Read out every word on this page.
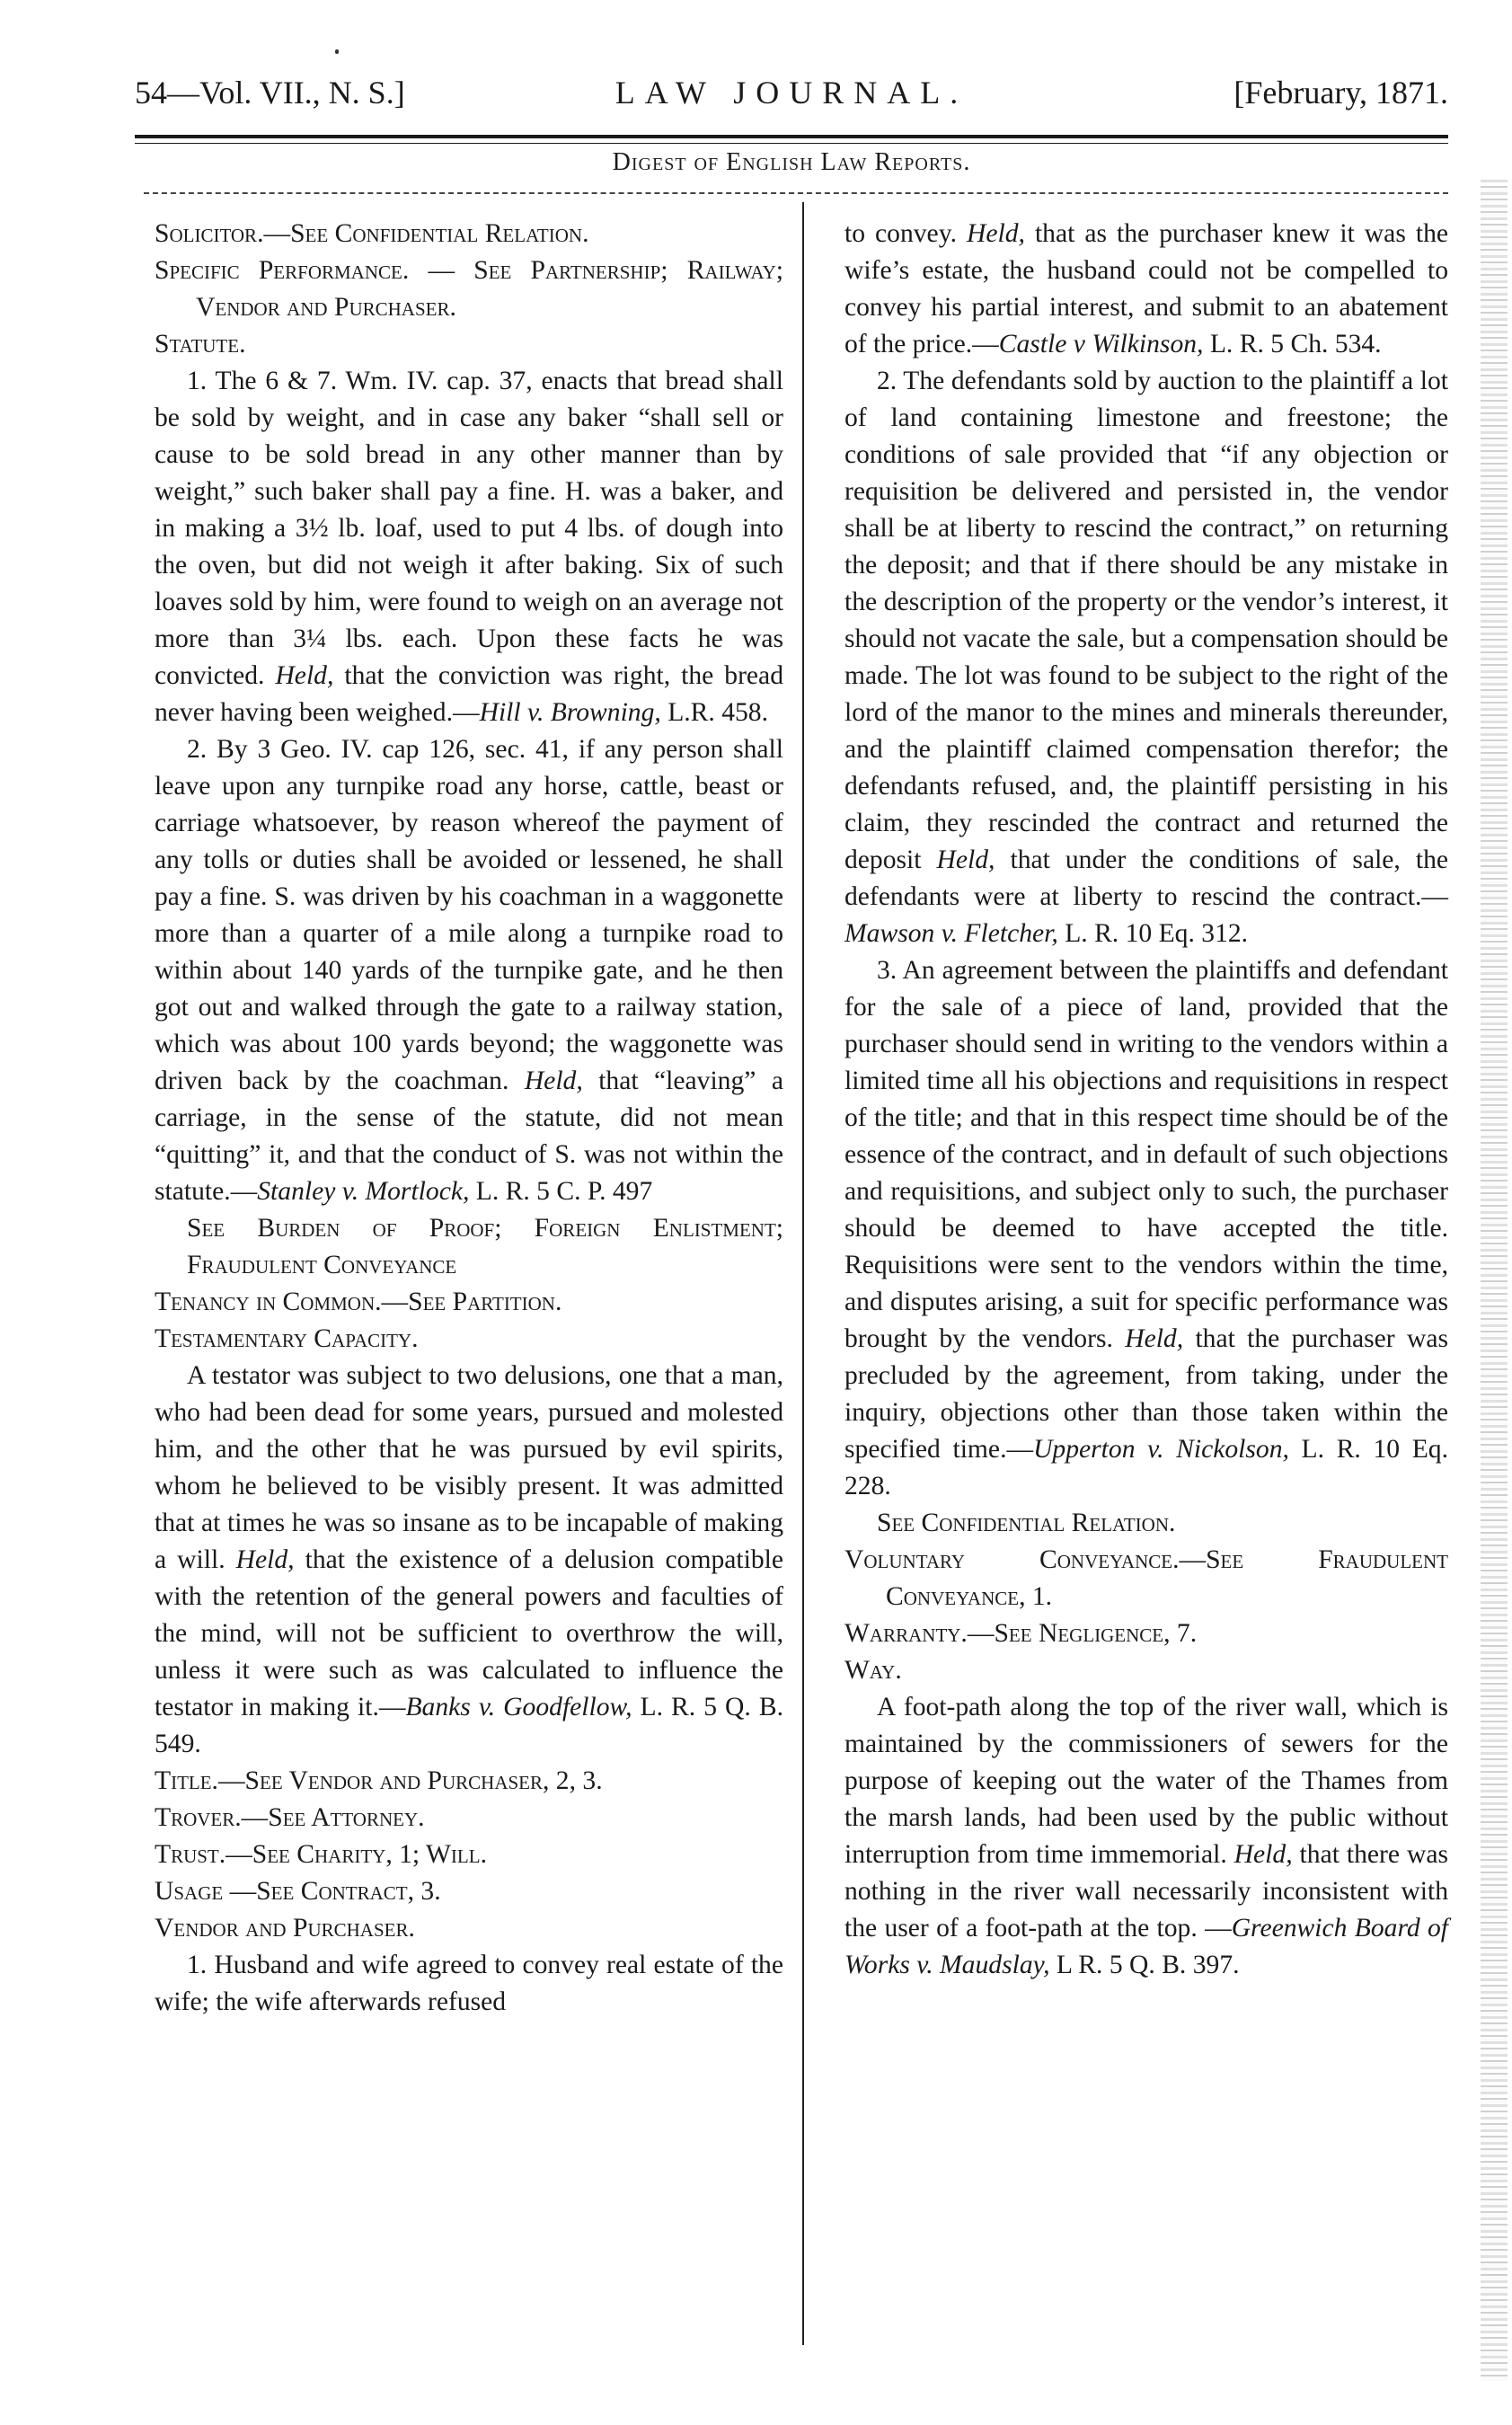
54—Vol. VII., N. S.]	LAW JOURNAL.	[February, 1871.
Digest of English Law Reports.

Solicitor.—See Confidential Relation.

Specific Performance. — See Partnership; Railway; Vendor and Purchaser.

Statute.

1. The 6 & 7. Wm. IV. cap. 37, enacts that bread shall be sold by weight, and in case any baker “shall sell or cause to be sold bread in any other manner than by weight,” such baker shall pay a fine. H. was a baker, and in making a 3½ lb. loaf, used to put 4 lbs. of dough into the oven, but did not weigh it after baking. Six of such loaves sold by him, were found to weigh on an average not more than 3¼ lbs. each. Upon these facts he was convicted. Held, that the conviction was right, the bread never having been weighed.—Hill v. Browning, L.R. 458.

2. By 3 Geo. IV. cap 126, sec. 41, if any person shall leave upon any turnpike road any horse, cattle, beast or carriage whatsoever, by reason whereof the payment of any tolls or duties shall be avoided or lessened, he shall pay a fine. S. was driven by his coachman in a waggonette more than a quarter of a mile along a turnpike road to within about 140 yards of the turnpike gate, and he then got out and walked through the gate to a railway station, which was about 100 yards beyond; the waggonette was driven back by the coachman. Held, that “leaving” a carriage, in the sense of the statute, did not mean “quitting” it, and that the conduct of S. was not within the statute.—Stanley v. Mortlock, L. R. 5 C. P. 497

See Burden of Proof; Foreign Enlistment; Fraudulent Conveyance

Tenancy in Common.—See Partition.

Testamentary Capacity.

A testator was subject to two delusions, one that a man, who had been dead for some years, pursued and molested him, and the other that he was pursued by evil spirits, whom he believed to be visibly present. It was admitted that at times he was so insane as to be incapable of making a will. Held, that the existence of a delusion compatible with the retention of the general powers and faculties of the mind, will not be sufficient to overthrow the will, unless it were such as was calculated to influence the testator in making it.—Banks v. Goodfellow, L. R. 5 Q. B. 549.

Title.—See Vendor and Purchaser, 2, 3.

Trover.—See Attorney.

Trust.—See Charity, 1; Will.

Usage —See Contract, 3.

Vendor and Purchaser.

1. Husband and wife agreed to convey real estate of the wife; the wife afterwards refused

to convey. Held, that as the purchaser knew it was the wife’s estate, the husband could not be compelled to convey his partial interest, and submit to an abatement of the price.—Castle v Wilkinson, L. R. 5 Ch. 534.

2. The defendants sold by auction to the plaintiff a lot of land containing limestone and freestone; the conditions of sale provided that “if any objection or requisition be delivered and persisted in, the vendor shall be at liberty to rescind the contract,” on returning the deposit; and that if there should be any mistake in the description of the property or the vendor’s interest, it should not vacate the sale, but a compensation should be made. The lot was found to be subject to the right of the lord of the manor to the mines and minerals thereunder, and the plaintiff claimed compensation therefor; the defendants refused, and, the plaintiff persisting in his claim, they rescinded the contract and returned the deposit Held, that under the conditions of sale, the defendants were at liberty to rescind the contract.—Mawson v. Fletcher, L. R. 10 Eq. 312.

3. An agreement between the plaintiffs and defendant for the sale of a piece of land, provided that the purchaser should send in writing to the vendors within a limited time all his objections and requisitions in respect of the title; and that in this respect time should be of the essence of the contract, and in default of such objections and requisitions, and subject only to such, the purchaser should be deemed to have accepted the title. Requisitions were sent to the vendors within the time, and disputes arising, a suit for specific performance was brought by the vendors. Held, that the purchaser was precluded by the agreement, from taking, under the inquiry, objections other than those taken within the specified time.—Upperton v. Nickolson, L. R. 10 Eq. 228.

See Confidential Relation.

Voluntary Conveyance.—See Fraudulent Conveyance, 1.

Warranty.—See Negligence, 7.

Way.

A foot-path along the top of the river wall, which is maintained by the commissioners of sewers for the purpose of keeping out the water of the Thames from the marsh lands, had been used by the public without interruption from time immemorial. Held, that there was nothing in the river wall necessarily inconsistent with the user of a foot-path at the top. —Greenwich Board of Works v. Maudslay, L R. 5 Q. B. 397.
